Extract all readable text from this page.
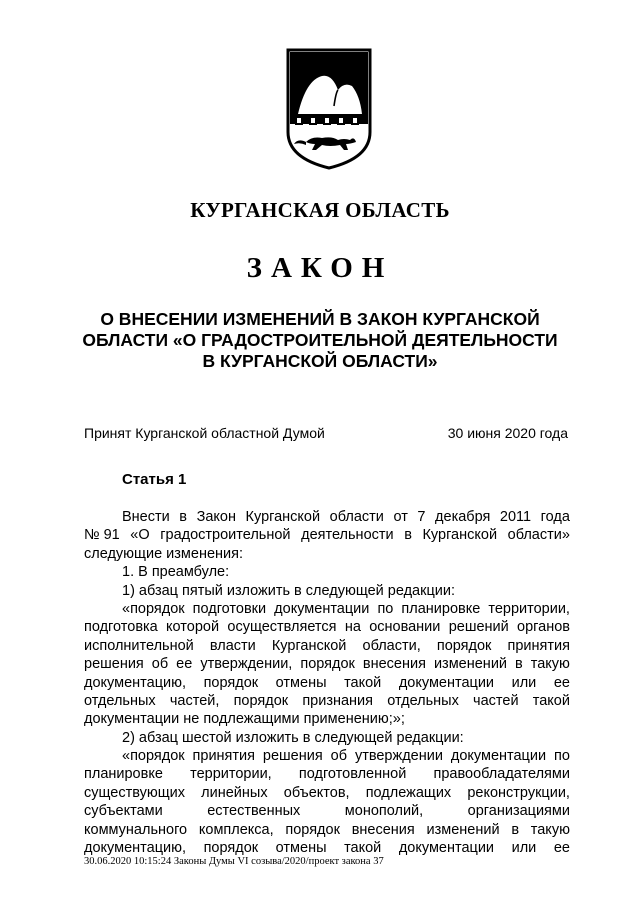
КУРГАНСКАЯ ОБЛАСТЬ
ЗАКОН
О ВНЕСЕНИИ ИЗМЕНЕНИЙ В ЗАКОН КУРГАНСКОЙ
ОБЛАСТИ «О ГРАДОСТРОИТЕЛЬНОЙ ДЕЯТЕЛЬНОСТИ
В КУРГАНСКОЙ ОБЛАСТИ»
Принят Курганской областной Думой	30 июня 2020 года
Статья 1
Внести в Закон Курганской области от 7 декабря 2011 года
№ 91 «О градостроительной деятельности в Курганской области»
следующие изменения:
1. В преамбуле:
1) абзац пятый изложить в следующей редакции:
«порядок подготовки документации по планировке территории,
подготовка которой осуществляется на основании решений органов
исполнительной власти Курганской области, порядок принятия
решения об ее утверждении, порядок внесения изменений в такую
документацию, порядок отмены такой документации или ее
отдельных частей, порядок признания отдельных частей такой
документации не подлежащими применению;»;
2) абзац шестой изложить в следующей редакции:
«порядок принятия решения об утверждении документации по
планировке территории, подготовленной правообладателями
существующих линейных объектов, подлежащих реконструкции,
субъектами	естественных	монополий,	организациями
коммунального комплекса, порядок внесения изменений в такую
документацию, порядок отмены такой документации или ее
30.06.2020 10:15:24 Законы Думы VI созыва/2020/проект закона 37
